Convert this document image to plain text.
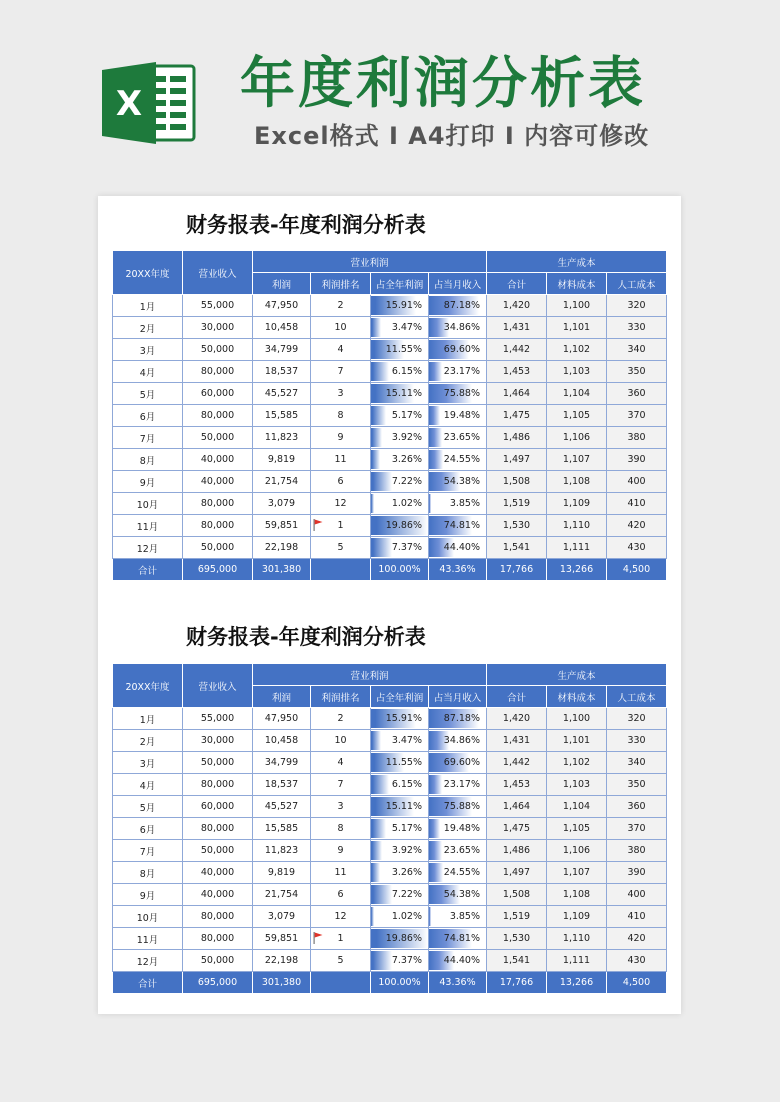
X 年度利润分析表
Excel格式 I A4打印 I 内容可修改
财务报表-年度利润分析表
20XX年度	营业收入	营业利润				生产成本		
		利润	利润排名	占全年利润	占当月收入	合计	材料成本	人工成本
1月	55,000	47,950	2	15.91%	87.18%	1,420	1,100	320
2月	30,000	10,458	10	3.47%	34.86%	1,431	1,101	330
3月	50,000	34,799	4	11.55%	69.60%	1,442	1,102	340
4月	80,000	18,537	7	6.15%	23.17%	1,453	1,103	350
5月	60,000	45,527	3	15.11%	75.88%	1,464	1,104	360
6月	80,000	15,585	8	5.17%	19.48%	1,475	1,105	370
7月	50,000	11,823	9	3.92%	23.65%	1,486	1,106	380
8月	40,000	9,819	11	3.26%	24.55%	1,497	1,107	390
9月	40,000	21,754	6	7.22%	54.38%	1,508	1,108	400
10月	80,000	3,079	12	1.02%	3.85%	1,519	1,109	410
11月	80,000	59,851	1	19.86%	74.81%	1,530	1,110	420
12月	50,000	22,198	5	7.37%	44.40%	1,541	1,111	430
合计	695,000	301,380		100.00%	43.36%	17,766	13,266	4,500
财务报表-年度利润分析表
20XX年度	营业收入	营业利润				生产成本		
		利润	利润排名	占全年利润	占当月收入	合计	材料成本	人工成本
1月	55,000	47,950	2	15.91%	87.18%	1,420	1,100	320
2月	30,000	10,458	10	3.47%	34.86%	1,431	1,101	330
3月	50,000	34,799	4	11.55%	69.60%	1,442	1,102	340
4月	80,000	18,537	7	6.15%	23.17%	1,453	1,103	350
5月	60,000	45,527	3	15.11%	75.88%	1,464	1,104	360
6月	80,000	15,585	8	5.17%	19.48%	1,475	1,105	370
7月	50,000	11,823	9	3.92%	23.65%	1,486	1,106	380
8月	40,000	9,819	11	3.26%	24.55%	1,497	1,107	390
9月	40,000	21,754	6	7.22%	54.38%	1,508	1,108	400
10月	80,000	3,079	12	1.02%	3.85%	1,519	1,109	410
11月	80,000	59,851	1	19.86%	74.81%	1,530	1,110	420
12月	50,000	22,198	5	7.37%	44.40%	1,541	1,111	430
合计	695,000	301,380		100.00%	43.36%	17,766	13,266	4,500
